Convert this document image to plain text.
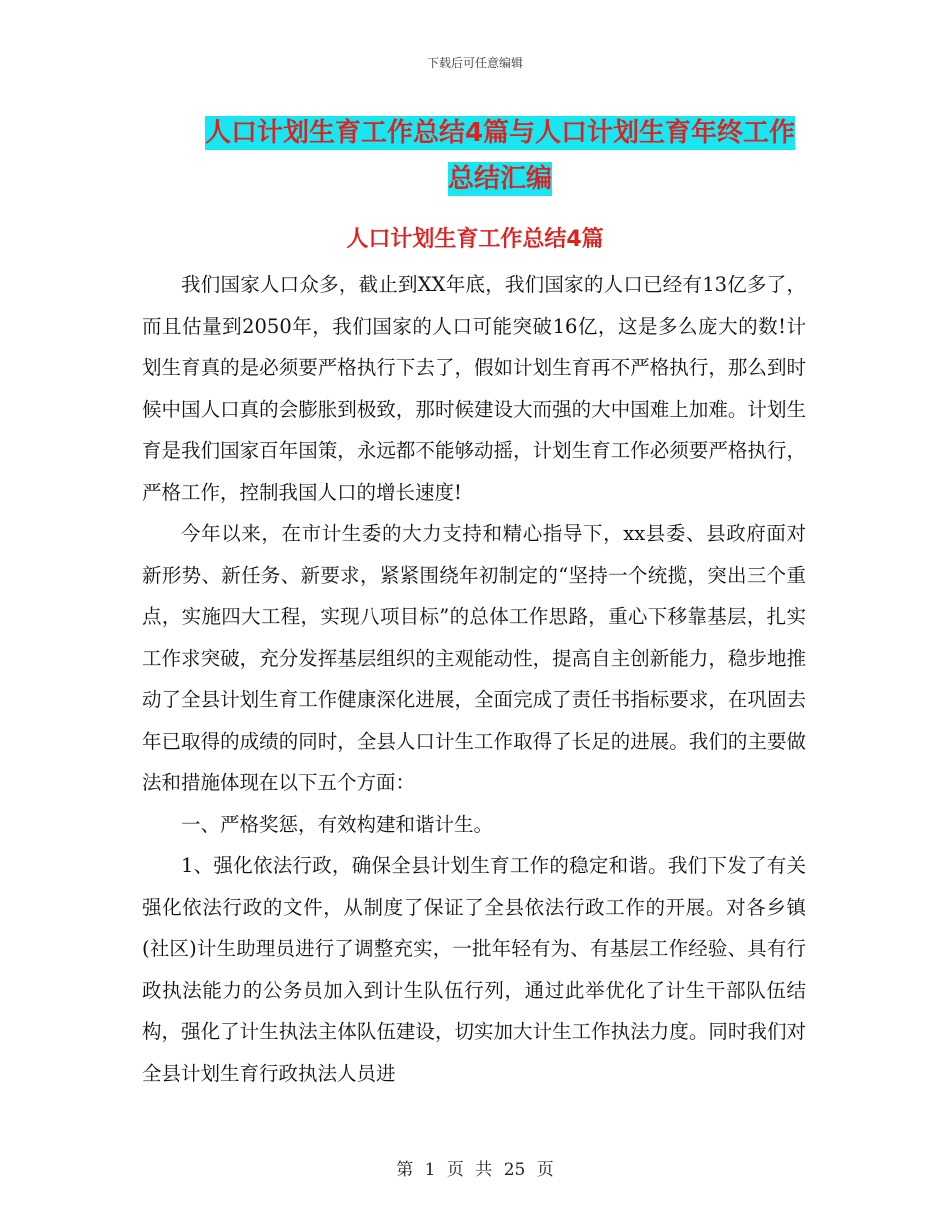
下载后可任意编辑
人口计划生育工作总结4篇与人口计划生育年终工作
总结汇编
人口计划生育工作总结4篇

我们国家人口众多，截止到XX年底，我们国家的人口已经有13亿多了，而且估量到2050年，我们国家的人口可能突破16亿，这是多么庞大的数!计划生育真的是必须要严格执行下去了，假如计划生育再不严格执行，那么到时候中国人口真的会膨胀到极致，那时候建设大而强的大中国难上加难。计划生育是我们国家百年国策，永远都不能够动摇，计划生育工作必须要严格执行，严格工作，控制我国人口的增长速度!

今年以来，在市计生委的大力支持和精心指导下，xx县委、县政府面对新形势、新任务、新要求，紧紧围绕年初制定的“坚持一个统揽，突出三个重点，实施四大工程，实现八项目标”的总体工作思路，重心下移靠基层，扎实工作求突破，充分发挥基层组织的主观能动性，提高自主创新能力，稳步地推动了全县计划生育工作健康深化进展，全面完成了责任书指标要求，在巩固去年已取得的成绩的同时，全县人口计生工作取得了长足的进展。我们的主要做法和措施体现在以下五个方面：

一、严格奖惩，有效构建和谐计生。

1、强化依法行政，确保全县计划生育工作的稳定和谐。我们下发了有关强化依法行政的文件，从制度了保证了全县依法行政工作的开展。对各乡镇(社区)计生助理员进行了调整充实，一批年轻有为、有基层工作经验、具有行政执法能力的公务员加入到计生队伍行列，通过此举优化了计生干部队伍结构，强化了计生执法主体队伍建设，切实加大计生工作执法力度。同时我们对全县计划生育行政执法人员进

第 1 页 共 25 页
